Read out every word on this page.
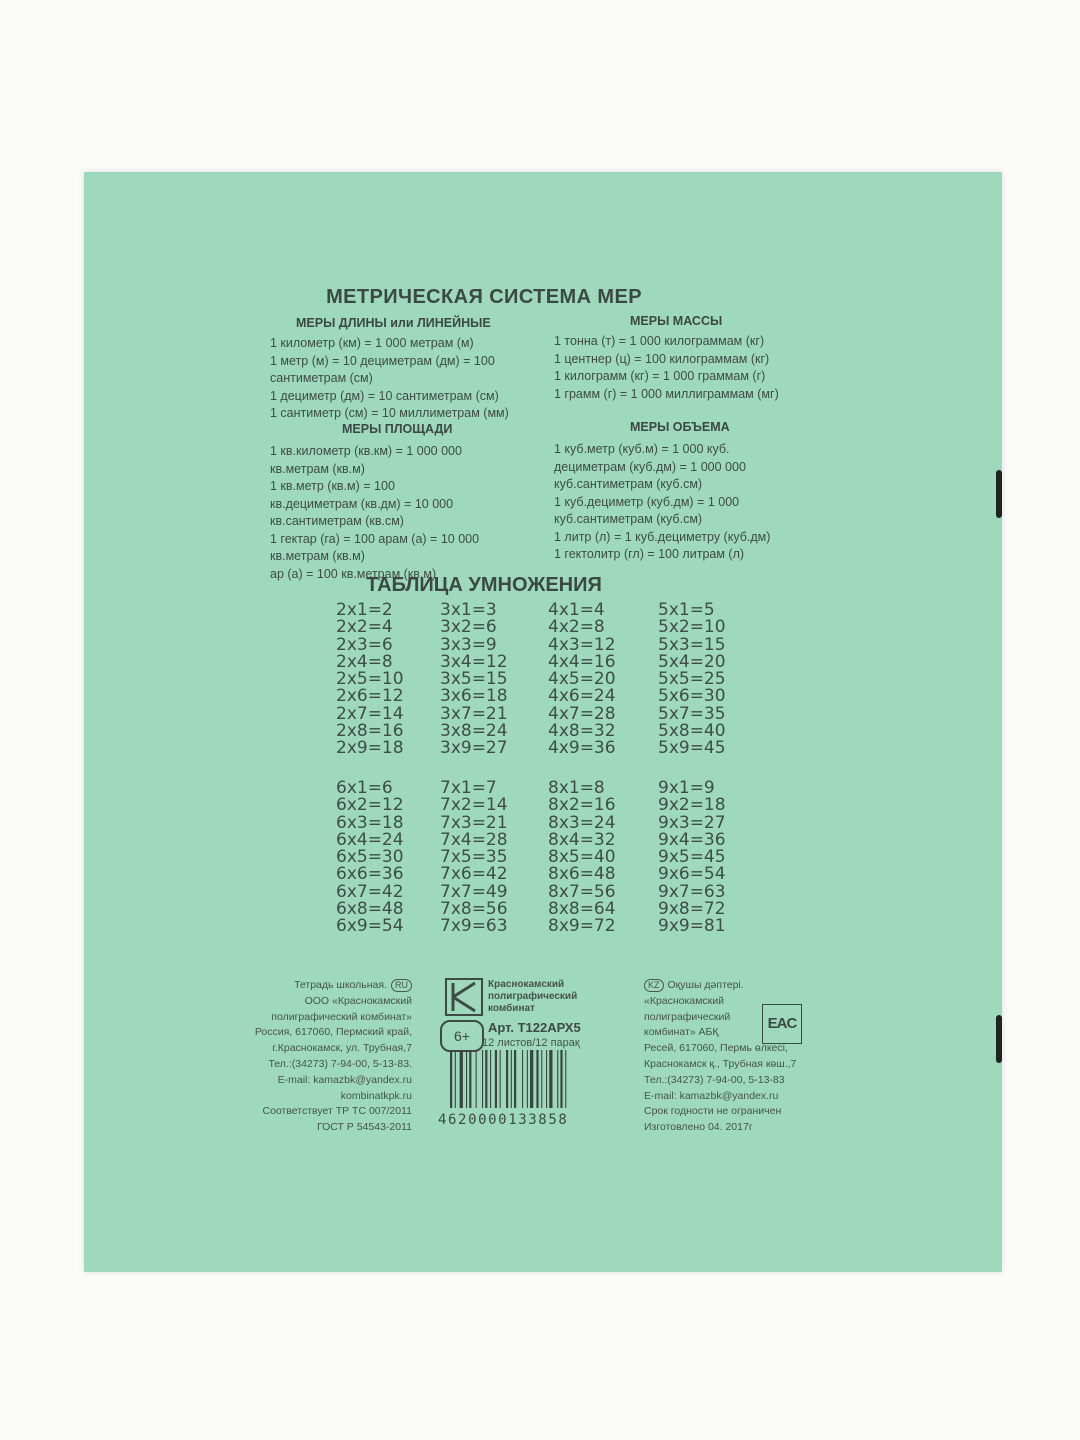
МЕТРИЧЕСКАЯ СИСТЕМА МЕР
МЕРЫ ДЛИНЫ или ЛИНЕЙНЫЕ
1 километр (км) = 1 000 метрам (м)
1 метр (м) = 10 дециметрам (дм) = 100
сантиметрам (см)
1 дециметр (дм) = 10 сантиметрам (см)
1 сантиметр (см) = 10 миллиметрам (мм)
МЕРЫ МАССЫ
1 тонна (т) = 1 000 килограммам (кг)
1 центнер (ц) = 100 килограммам (кг)
1 килограмм (кг) = 1 000 граммам (г)
1 грамм (г) = 1 000 миллиграммам (мг)
МЕРЫ ПЛОЩАДИ
1 кв.километр (кв.км) = 1 000 000
кв.метрам (кв.м)
1 кв.метр (кв.м) = 100
кв.дециметрам (кв.дм) = 10 000
кв.сантиметрам (кв.см)
1 гектар (га) = 100 арам (а) = 10 000
кв.метрам (кв.м)
ар (а) = 100 кв.метрам (кв.м)
МЕРЫ ОБЪЕМА
1 куб.метр (куб.м) = 1 000 куб.
дециметрам (куб.дм) = 1 000 000
куб.сантиметрам (куб.см)
1 куб.дециметр (куб.дм) = 1 000
куб.сантиметрам (куб.см)
1 литр (л) = 1 куб.дециметру (куб.дм)
1 гектолитр (гл) = 100 литрам (л)
ТАБЛИЦА УМНОЖЕНИЯ
2x1=2
2x2=4
2x3=6
2x4=8
2x5=10
2x6=12
2x7=14
2x8=16
2x9=18
3x1=3
3x2=6
3x3=9
3x4=12
3x5=15
3x6=18
3x7=21
3x8=24
3x9=27
4x1=4
4x2=8
4x3=12
4x4=16
4x5=20
4x6=24
4x7=28
4x8=32
4x9=36
5x1=5
5x2=10
5x3=15
5x4=20
5x5=25
5x6=30
5x7=35
5x8=40
5x9=45
6x1=6
6x2=12
6x3=18
6x4=24
6x5=30
6x6=36
6x7=42
6x8=48
6x9=54
7x1=7
7x2=14
7x3=21
7x4=28
7x5=35
7x6=42
7x7=49
7x8=56
7x9=63
8x1=8
8x2=16
8x3=24
8x4=32
8x5=40
8x6=48
8x7=56
8x8=64
8x9=72
9x1=9
9x2=18
9x3=27
9x4=36
9x5=45
9x6=54
9x7=63
9x8=72
9x9=81
Тетрадь школьная. RU
ООО «Краснокамский
полиграфический комбинат»
Россия, 617060, Пермский край,
г.Краснокамск, ул. Трубная,7
Тел.:(34273) 7-94-00, 5-13-83.
E-mail: kamazbk@yandex.ru
kombinatkpk.ru
Соответствует ТР ТС 007/2011
ГОСТ Р 54543-2011
Краснокамский
полиграфический
комбинат
6+
Арт. Т122АРХ5
12 листов/12 парақ
4620000133858
KZ Оқушы дәптері.
«Краснокамский
полиграфический
комбинат» АБҚ
Ресей, 617060, Пермь өлкесі,
Краснокамск қ., Трубная көш.,7
Тел.:(34273) 7-94-00, 5-13-83
E-mail: kamazbk@yandex.ru
Срок годности не ограничен
Изготовлено 04. 2017г
EAC
